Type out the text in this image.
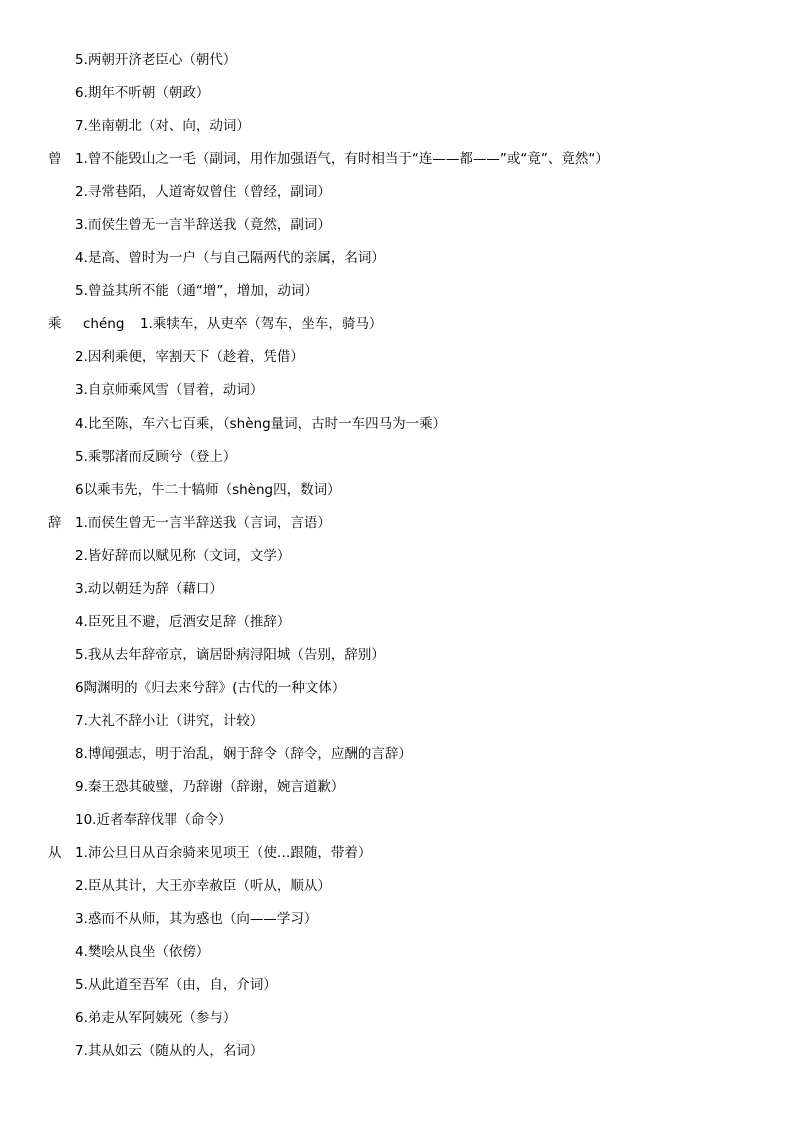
5.两朝开济老臣心（朝代）
6.期年不听朝（朝政）
7.坐南朝北（对、向，动词）
曾 1.曾不能毁山之一毛（副词，用作加强语气，有时相当于“连——都——”或“竟”、竟然“）
2.寻常巷陌，人道寄奴曾住（曾经，副词）
3.而侯生曾无一言半辞送我（竟然，副词）
4.是高、曾时为一户（与自己隔两代的亲属，名词）
5.曾益其所不能（通“增”，增加，动词）
乘 chéng 1.乘犊车，从吏卒（驾车，坐车，骑马）
2.因利乘便，宰割天下（趁着，凭借）
3.自京师乘风雪（冒着，动词）
4.比至陈，车六七百乘，（shèng量词，古时一车四马为一乘）
5.乘鄂渚而反顾兮（登上）
6以乘韦先，牛二十犒师（shèng四，数词）
辞 1.而侯生曾无一言半辞送我（言词，言语）
2.皆好辞而以赋见称（文词，文学）
3.动以朝廷为辞（藉口）
4.臣死且不避，卮酒安足辞（推辞）
5.我从去年辞帝京，谪居卧病浔阳城（告别，辞别）
6陶渊明的《归去来兮辞》(古代的一种文体）
7.大礼不辞小让（讲究，计较）
8.博闻强志，明于治乱，娴于辞令（辞令，应酬的言辞）
9.秦王恐其破璧，乃辞谢（辞谢，婉言道歉）
10.近者奉辞伐罪（命令）
从 1.沛公旦日从百余骑来见项王（使…跟随，带着）
2.臣从其计，大王亦幸赦臣（听从，顺从）
3.惑而不从师，其为惑也（向——学习）
4.樊哙从良坐（依傍）
5.从此道至吾军（由，自，介词）
6.弟走从军阿姨死（参与）
7.其从如云（随从的人，名词）
